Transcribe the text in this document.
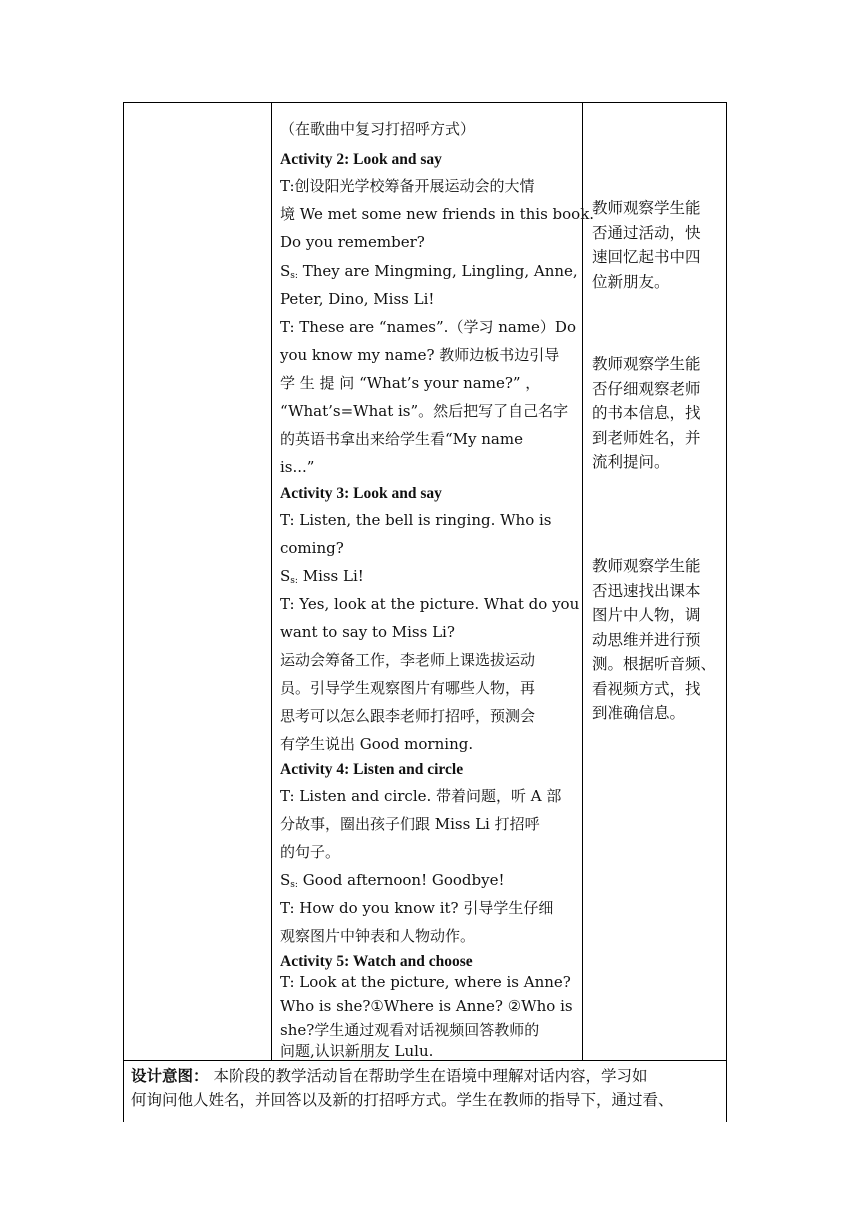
（在歌曲中复习打招呼方式）
Activity 2: Look and say
T:创设阳光学校筹备开展运动会的大情
境 We met some new friends in this book.
Do you remember?
$S_{s:}$ They are Mingming, Lingling, Anne,
Peter, Dino, Miss Li!
T: These are “names”.（学习 name）Do
you know my name? 教师边板书边引导
学 生 提 问 “What’s your name?” ，
“What’s=What is”。然后把写了自己名字
的英语书拿出来给学生看“My name
is...”
Activity 3: Look and say
T: Listen, the bell is ringing. Who is
coming?
$S_{s:}$ Miss Li!
T: Yes, look at the picture. What do you
want to say to Miss Li?
运动会筹备工作，李老师上课选拔运动
员。引导学生观察图片有哪些人物，再
思考可以怎么跟李老师打招呼，预测会
有学生说出 Good morning.
Activity 4: Listen and circle
T: Listen and circle. 带着问题，听 A 部
分故事，圈出孩子们跟 Miss Li 打招呼
的句子。
$S_{s:}$ Good afternoon! Goodbye!
T: How do you know it? 引导学生仔细
观察图片中钟表和人物动作。
Activity 5: Watch and choose
T: Look at the picture, where is Anne?
Who is she?①Where is Anne? ②Who is
she?学生通过观看对话视频回答教师的
问题,认识新朋友 Lulu.
教师观察学生能
否通过活动，快
速回忆起书中四
位新朋友。
教师观察学生能
否仔细观察老师
的书本信息，找
到老师姓名，并
流利提问。
教师观察学生能
否迅速找出课本
图片中人物，调
动思维并进行预
测。根据听音频、
看视频方式，找
到准确信息。
设计意图： 本阶段的教学活动旨在帮助学生在语境中理解对话内容，学习如
何询问他人姓名，并回答以及新的打招呼方式。学生在教师的指导下，通过看、
